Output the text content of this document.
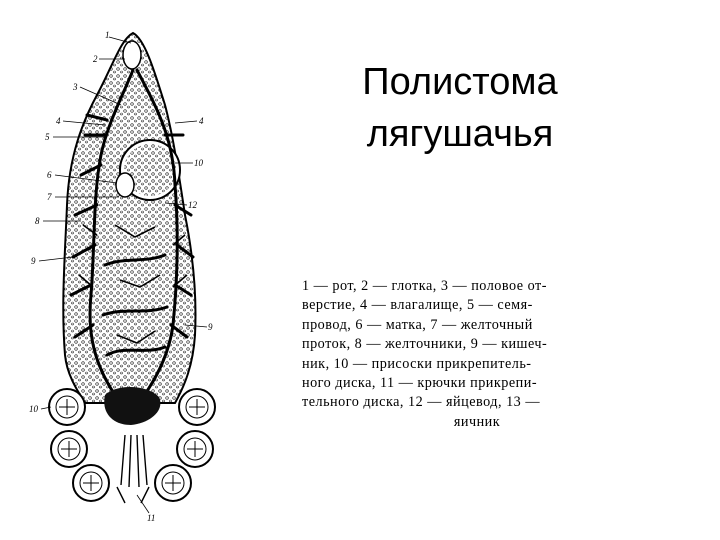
Полистома
лягушачья
1
2
3
4
5
4
10
6
7
8
12
9
9
10
11
1 — рот, 2 — глотка, 3 — половое от-
верстие, 4 — влагалище, 5 — семя-
провод, 6 — матка, 7 — желточный
проток, 8 — желточники, 9 — кишеч-
ник, 10 — присоски прикрепитель-
ного диска, 11 — крючки прикрепи-
тельного диска, 12 — яйцевод, 13 —
яичник
